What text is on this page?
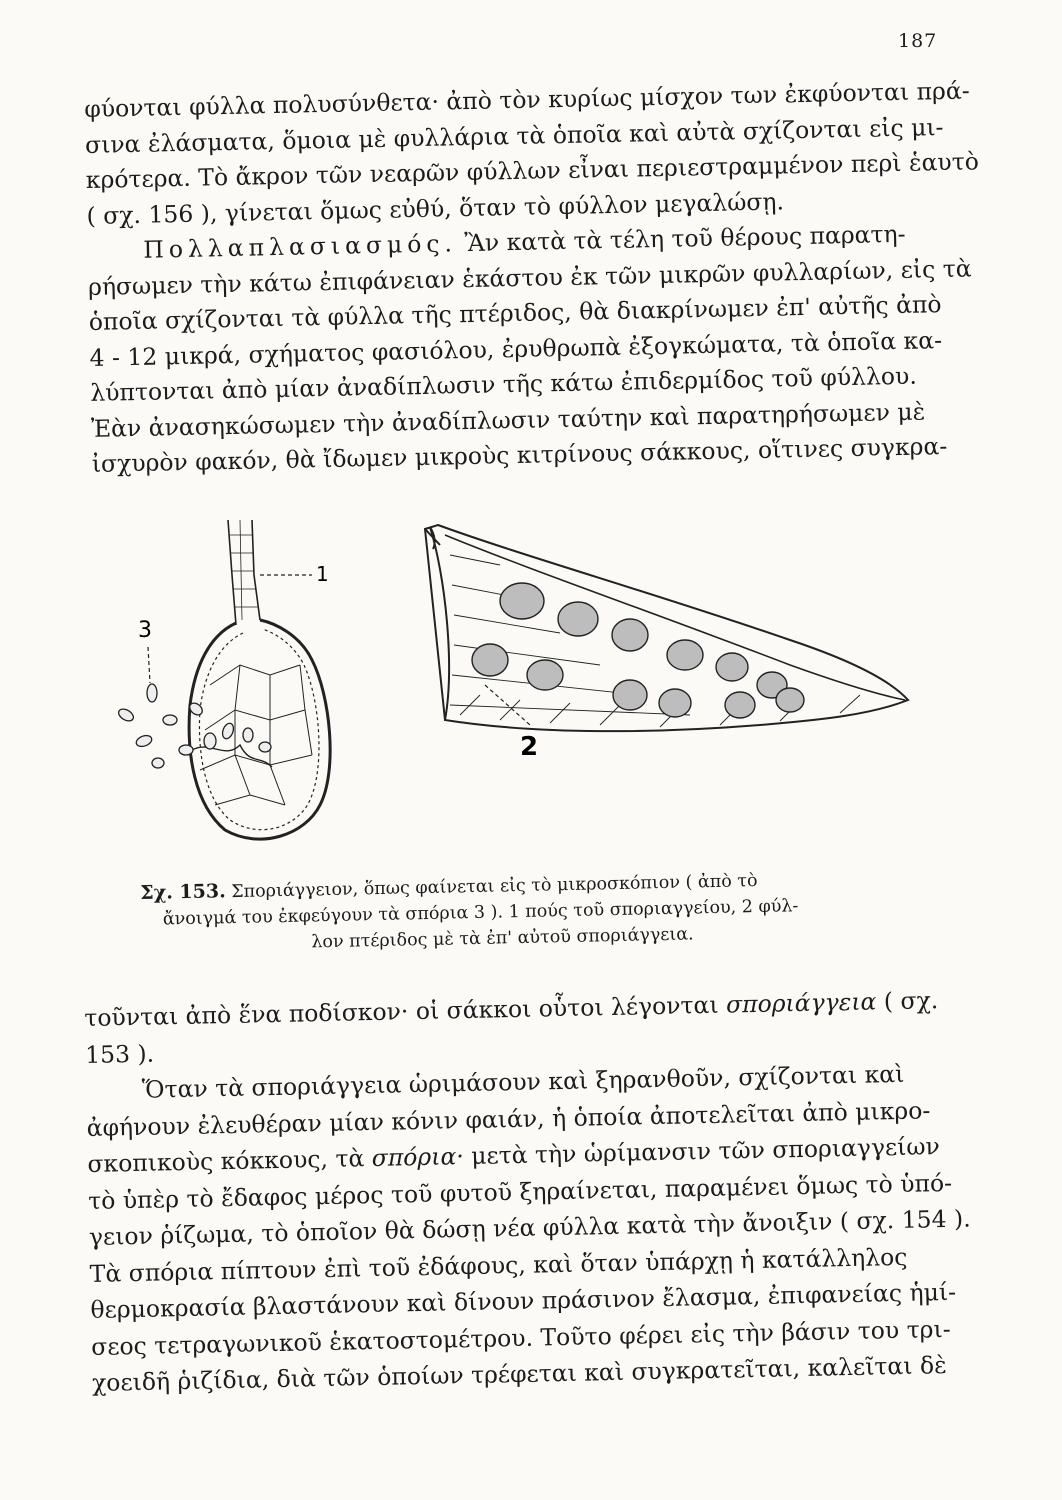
187
φύονται φύλλα πολυσύνθετα· ἀπὸ τὸν κυρίως μίσχον των ἐκφύονται πρά-
σινα ἐλάσματα, ὅμοια μὲ φυλλάρια τὰ ὁποῖα καὶ αὐτὰ σχίζονται εἰς μι-
κρότερα. Τὸ ἄκρον τῶν νεαρῶν φύλλων εἶναι περιεστραμμένον περὶ ἑαυτὸ
( σχ. 156 ), γίνεται ὅμως εὐθύ, ὅταν τὸ φύλλον μεγαλώσῃ.
Πολλαπλασιασμός. Ἂν κατὰ τὰ τέλη τοῦ θέρους παρατη-
ρήσωμεν τὴν κάτω ἐπιφάνειαν ἑκάστου ἐκ τῶν μικρῶν φυλλαρίων, εἰς τὰ
ὁποῖα σχίζονται τὰ φύλλα τῆς πτέριδος, θὰ διακρίνωμεν ἐπ' αὐτῆς ἀπὸ
4 - 12 μικρά, σχήματος φασιόλου, ἐρυθρωπὰ ἐξογκώματα, τὰ ὁποῖα κα-
λύπτονται ἀπὸ μίαν ἀναδίπλωσιν τῆς κάτω ἐπιδερμίδος τοῦ φύλλου.
Ἐὰν ἀνασηκώσωμεν τὴν ἀναδίπλωσιν ταύτην καὶ παρατηρήσωμεν μὲ
ἰσχυρὸν φακόν, θὰ ἴδωμεν μικροὺς κιτρίνους σάκκους, οἵτινες συγκρα-
1
3
2
Σχ. 153. Σποριάγγειον, ὅπως φαίνεται εἰς τὸ μικροσκόπιον ( ἀπὸ τὸ
ἄνοιγμά του ἐκφεύγουν τὰ σπόρια 3 ). 1 πούς τοῦ σποριαγγείου, 2 φύλ-
λον πτέριδος μὲ τὰ ἐπ' αὐτοῦ σποριάγγεια.
τοῦνται ἀπὸ ἕνα ποδίσκον· οἱ σάκκοι οὗτοι λέγονται σποριάγγεια ( σχ.
153 ).
Ὅταν τὰ σποριάγγεια ὡριμάσουν καὶ ξηρανθοῦν, σχίζονται καὶ
ἀφήνουν ἐλευθέραν μίαν κόνιν φαιάν, ἡ ὁποία ἀποτελεῖται ἀπὸ μικρο-
σκοπικοὺς κόκκους, τὰ σπόρια· μετὰ τὴν ὡρίμανσιν τῶν σποριαγγείων
τὸ ὑπὲρ τὸ ἔδαφος μέρος τοῦ φυτοῦ ξηραίνεται, παραμένει ὅμως τὸ ὑπό-
γειον ῥίζωμα, τὸ ὁποῖον θὰ δώσῃ νέα φύλλα κατὰ τὴν ἄνοιξιν ( σχ. 154 ).
Τὰ σπόρια πίπτουν ἐπὶ τοῦ ἐδάφους, καὶ ὅταν ὑπάρχῃ ἡ κατάλληλος
θερμοκρασία βλαστάνουν καὶ δίνουν πράσινον ἔλασμα, ἐπιφανείας ἡμί-
σεος τετραγωνικοῦ ἑκατοστομέτρου. Τοῦτο φέρει εἰς τὴν βάσιν του τρι-
χοειδῆ ῥιζίδια, διὰ τῶν ὁποίων τρέφεται καὶ συγκρατεῖται, καλεῖται δὲ
